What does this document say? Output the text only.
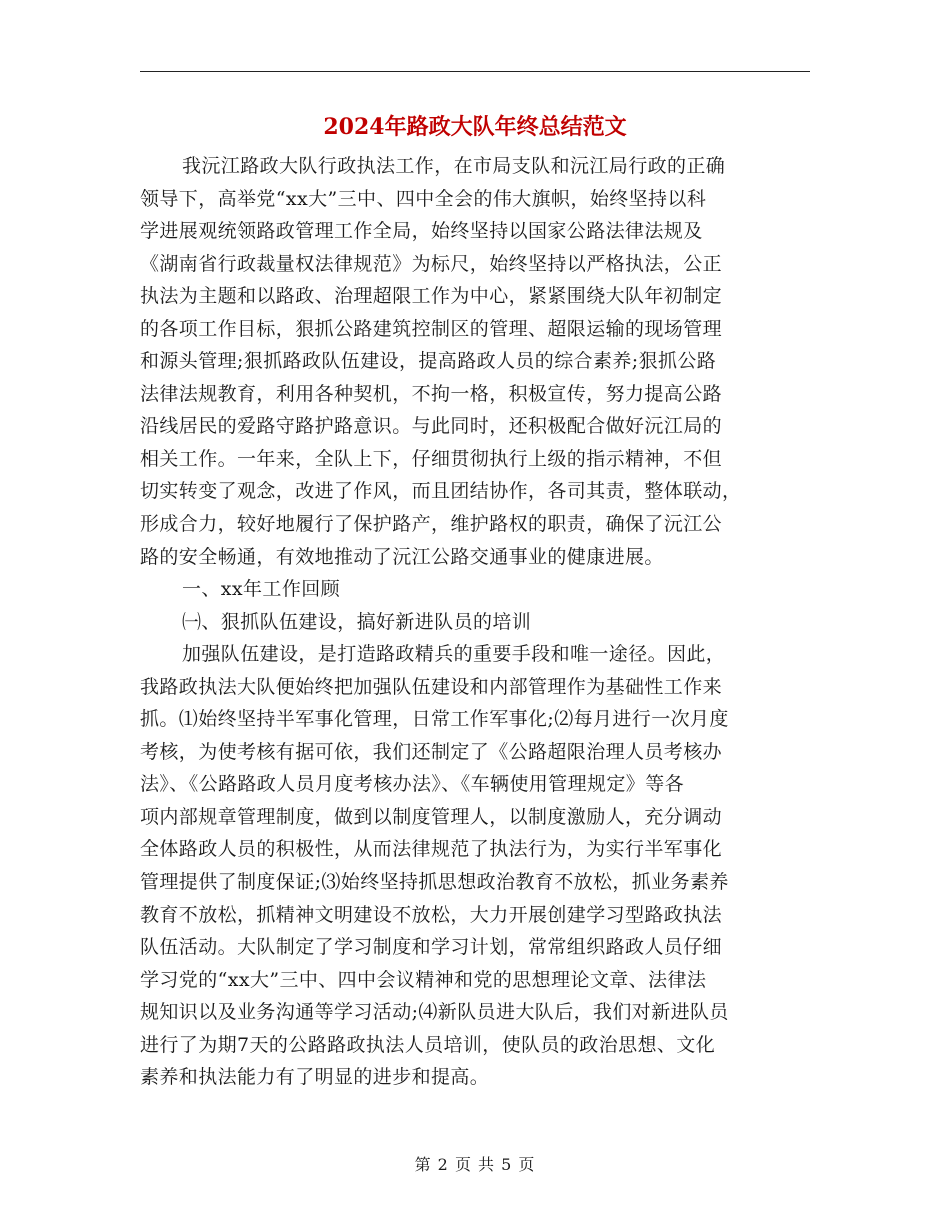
2024年路政大队年终总结范文
我沅江路政大队行政执法工作，在市局支队和沅江局行政的正确
领导下，高举党“xx大”三中、四中全会的伟大旗帜，始终坚持以科
学进展观统领路政管理工作全局，始终坚持以国家公路法律法规及
《湖南省行政裁量权法律规范》为标尺，始终坚持以严格执法，公正
执法为主题和以路政、治理超限工作为中心，紧紧围绕大队年初制定
的各项工作目标，狠抓公路建筑控制区的管理、超限运输的现场管理
和源头管理;狠抓路政队伍建设，提高路政人员的综合素养;狠抓公路
法律法规教育，利用各种契机，不拘一格，积极宣传，努力提高公路
沿线居民的爱路守路护路意识。与此同时，还积极配合做好沅江局的
相关工作。一年来，全队上下，仔细贯彻执行上级的指示精神，不但
切实转变了观念，改进了作风，而且团结协作，各司其责，整体联动，
形成合力，较好地履行了保护路产，维护路权的职责，确保了沅江公
路的安全畅通，有效地推动了沅江公路交通事业的健康进展。
一、xx年工作回顾
㈠、狠抓队伍建设，搞好新进队员的培训
加强队伍建设，是打造路政精兵的重要手段和唯一途径。因此，
我路政执法大队便始终把加强队伍建设和内部管理作为基础性工作来
抓。⑴始终坚持半军事化管理，日常工作军事化;⑵每月进行一次月度
考核，为使考核有据可依，我们还制定了《公路超限治理人员考核办
法》、《公路路政人员月度考核办法》、《车辆使用管理规定》等各
项内部规章管理制度，做到以制度管理人，以制度激励人，充分调动
全体路政人员的积极性，从而法律规范了执法行为，为实行半军事化
管理提供了制度保证;⑶始终坚持抓思想政治教育不放松，抓业务素养
教育不放松，抓精神文明建设不放松，大力开展创建学习型路政执法
队伍活动。大队制定了学习制度和学习计划，常常组织路政人员仔细
学习党的“xx大”三中、四中会议精神和党的思想理论文章、法律法
规知识以及业务沟通等学习活动;⑷新队员进大队后，我们对新进队员
进行了为期7天的公路路政执法人员培训，使队员的政治思想、文化
素养和执法能力有了明显的进步和提高。
第 2 页 共 5 页
